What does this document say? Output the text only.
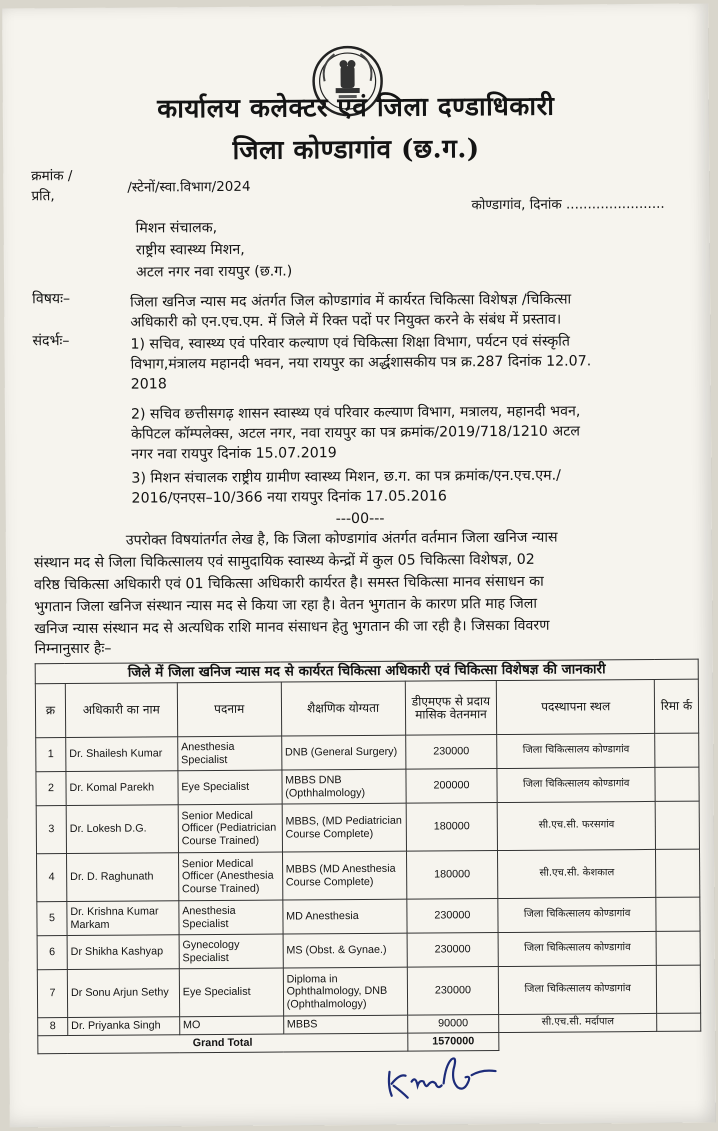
कार्यालय कलेक्टर एवं जिला दण्डाधिकारी
जिला कोण्डागांव (छ.ग.)
क्रमांक /
/स्टेनों/स्वा.विभाग/2024
प्रति,	कोण्डागांव, दिनांक .......................
मिशन संचालक,
राष्ट्रीय स्वास्थ्य मिशन,
अटल नगर नवा रायपुर (छ.ग.)
विषयः–	जिला खनिज न्यास मद अंतर्गत जिल कोण्डागांव में कार्यरत चिकित्सा विशेषज्ञ /चिकित्सा
अधिकारी को एन.एच.एम. में जिले में रिक्त पदों पर नियुक्त करने के संबंध में प्रस्ताव।
संदर्भः–	1) सचिव, स्वास्थ्य एवं परिवार कल्याण एवं चिकित्सा शिक्षा विभाग, पर्यटन एवं संस्कृति
विभाग,मंत्रालय महानदी भवन, नया रायपुर का अर्द्धशासकीय पत्र क्र.287 दिनांक 12.07.
2018
2) सचिव छत्तीसगढ़ शासन स्वास्थ्य एवं परिवार कल्याण विभाग, मत्रालय, महानदी भवन,
केपिटल कॉम्पलेक्स, अटल नगर, नवा रायपुर का पत्र क्रमांक/2019/718/1210 अटल
नगर नवा रायपुर दिनांक 15.07.2019
3) मिशन संचालक राष्ट्रीय ग्रामीण स्वास्थ्य मिशन, छ.ग. का पत्र क्रमांक/एन.एच.एम./
2016/एनएस–10/366 नया रायपुर दिनांक 17.05.2016
---00---
उपरोक्त विषयांतर्गत लेख है, कि जिला कोण्डागांव अंतर्गत वर्तमान जिला खनिज न्यास
संस्थान मद से जिला चिकित्सालय एवं सामुदायिक स्वास्थ्य केन्द्रों में कुल 05 चिकित्सा विशेषज्ञ, 02
वरिष्ठ चिकित्सा अधिकारी एवं 01 चिकित्सा अधिकारी कार्यरत है। समस्त चिकित्सा मानव संसाधन का
भुगतान जिला खनिज संस्थान न्यास मद से किया जा रहा है। वेतन भुगतान के कारण प्रति माह जिला
खनिज न्यास संस्थान मद से अत्यधिक राशि मानव संसाधन हेतु भुगतान की जा रही है। जिसका विवरण
निम्नानुसार हैः–
जिले में जिला खनिज न्यास मद से कार्यरत चिकित्सा अधिकारी एवं चिकित्सा विशेषज्ञ की जानकारी						
क्र	अधिकारी का नाम	पदनाम	शैक्षणिक योग्यता	डीएमएफ से प्रदाय मासिक वेतनमान	पदस्थापना स्थल	रिमा र्क
1	Dr. Shailesh Kumar	Anesthesia Specialist	DNB (General Surgery)	230000	जिला चिकित्सालय कोण्डागांव	
2	Dr. Komal Parekh	Eye Specialist	MBBS DNB (Opthhalmology)	200000	जिला चिकित्सालय कोण्डागांव	
3	Dr. Lokesh D.G.	Senior Medical Officer (Pediatrician Course Trained)	MBBS, (MD Pediatrician Course Complete)	180000	सी.एच.सी. फरसगांव	
4	Dr. D. Raghunath	Senior Medical Officer (Anesthesia Course Trained)	MBBS (MD Anesthesia Course Complete)	180000	सी.एच.सी. केशकाल	
5	Dr. Krishna Kumar Markam	Anesthesia Specialist	MD Anesthesia	230000	जिला चिकित्सालय कोण्डागांव	
6	Dr Shikha Kashyap	Gynecology Specialist	MS (Obst. & Gynae.)	230000	जिला चिकित्सालय कोण्डागांव	
7	Dr Sonu Arjun Sethy	Eye Specialist	Diploma in Ophthalmology, DNB (Ophthalmology)	230000	जिला चिकित्सालय कोण्डागांव	
8	Dr. Priyanka Singh	MO	MBBS	90000	सी.एच.सी. मर्दापाल	
Grand Total				1570000		
